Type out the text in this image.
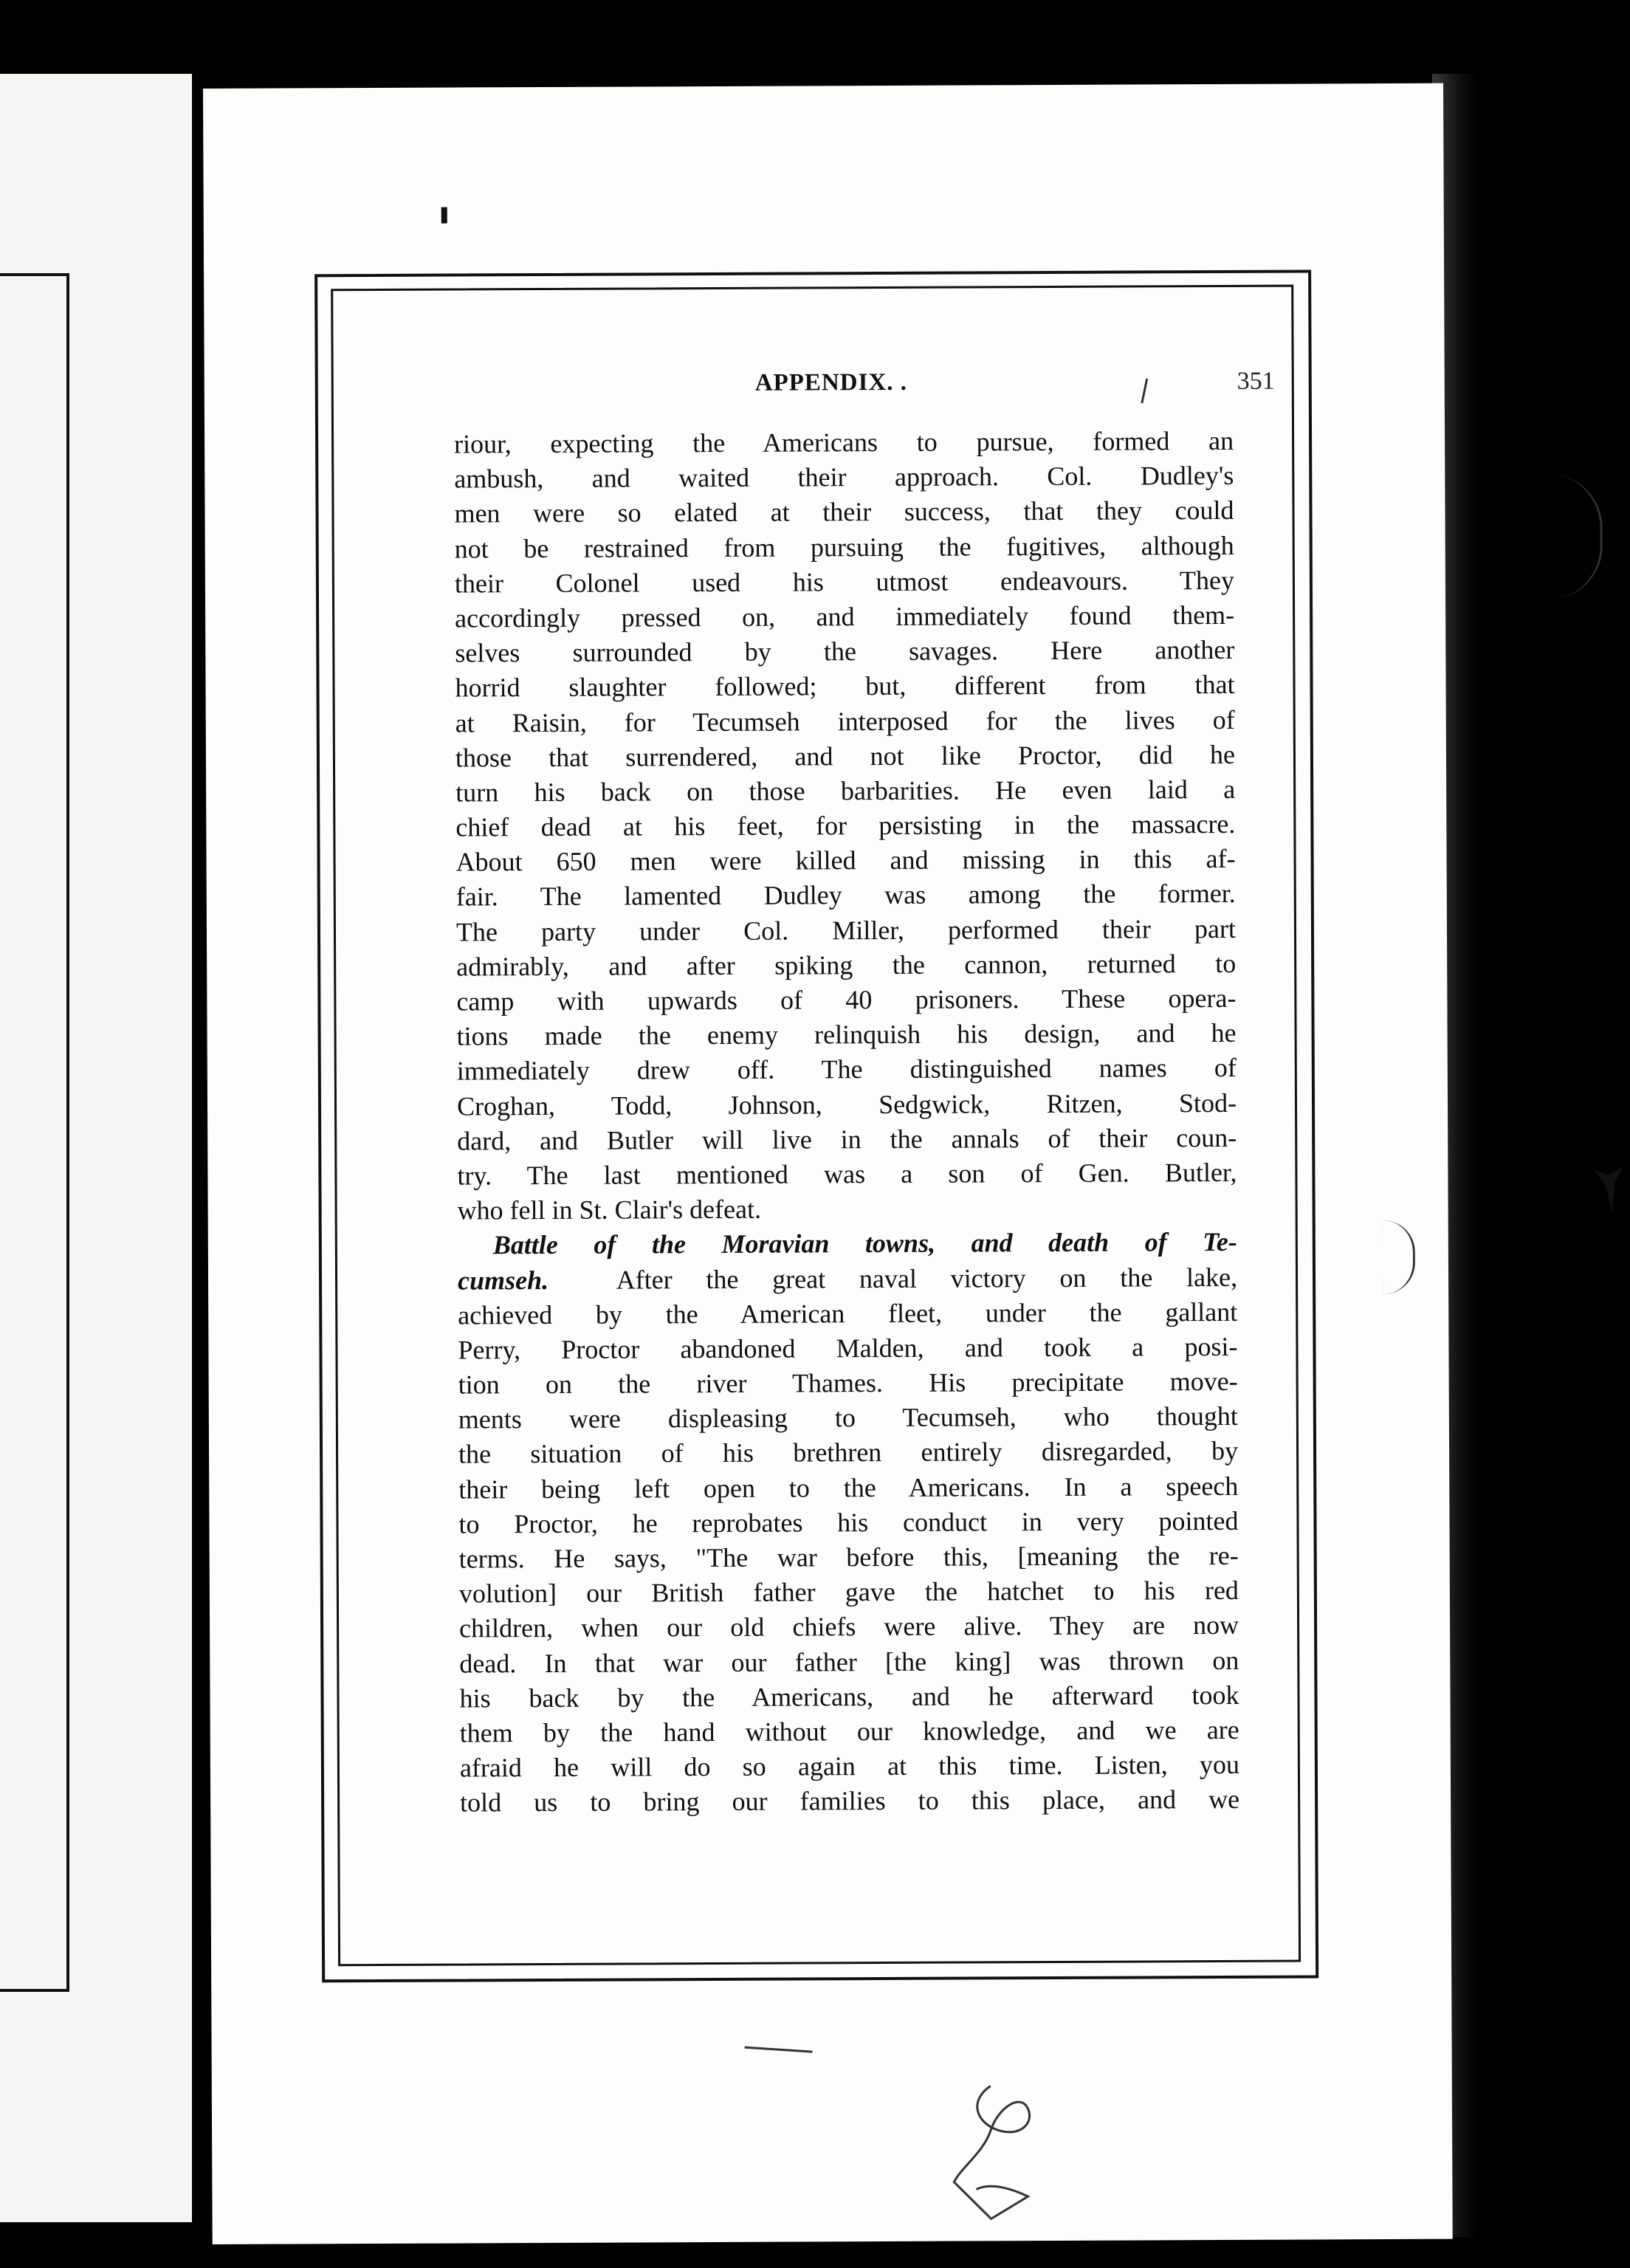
APPENDIX. .	351
riour, expecting the Americans to pursue, formed an
ambush, and waited their approach. Col. Dudley's
men were so elated at their success, that they could
not be restrained from pursuing the fugitives, although
their Colonel used his utmost endeavours. They
accordingly pressed on, and immediately found them-
selves surrounded by the savages. Here another
horrid slaughter followed; but, different from that
at Raisin, for Tecumseh interposed for the lives of
those that surrendered, and not like Proctor, did he
turn his back on those barbarities. He even laid a
chief dead at his feet, for persisting in the massacre.
About 650 men were killed and missing in this af-
fair. The lamented Dudley was among the former.
The party under Col. Miller, performed their part
admirably, and after spiking the cannon, returned to
camp with upwards of 40 prisoners. These opera-
tions made the enemy relinquish his design, and he
immediately drew off. The distinguished names of
Croghan, Todd, Johnson, Sedgwick, Ritzen, Stod-
dard, and Butler will live in the annals of their coun-
try. The last mentioned was a son of Gen. Butler,
who fell in St. Clair's defeat.
Battle of the Moravian towns, and death of Te-
cumseh.	After the great naval victory on the lake,
achieved by the American fleet, under the gallant
Perry, Proctor abandoned Malden, and took a posi-
tion on the river Thames. His precipitate move-
ments were displeasing to Tecumseh, who thought
the situation of his brethren entirely disregarded, by
their being left open to the Americans. In a speech
to Proctor, he reprobates his conduct in very pointed
terms. He says, "The war before this, [meaning the re-
volution] our British father gave the hatchet to his red
children, when our old chiefs were alive. They are now
dead. In that war our father [the king] was thrown on
his back by the Americans, and he afterward took
them by the hand without our knowledge, and we are
afraid he will do so again at this time. Listen, you
told us to bring our families to this place, and we
